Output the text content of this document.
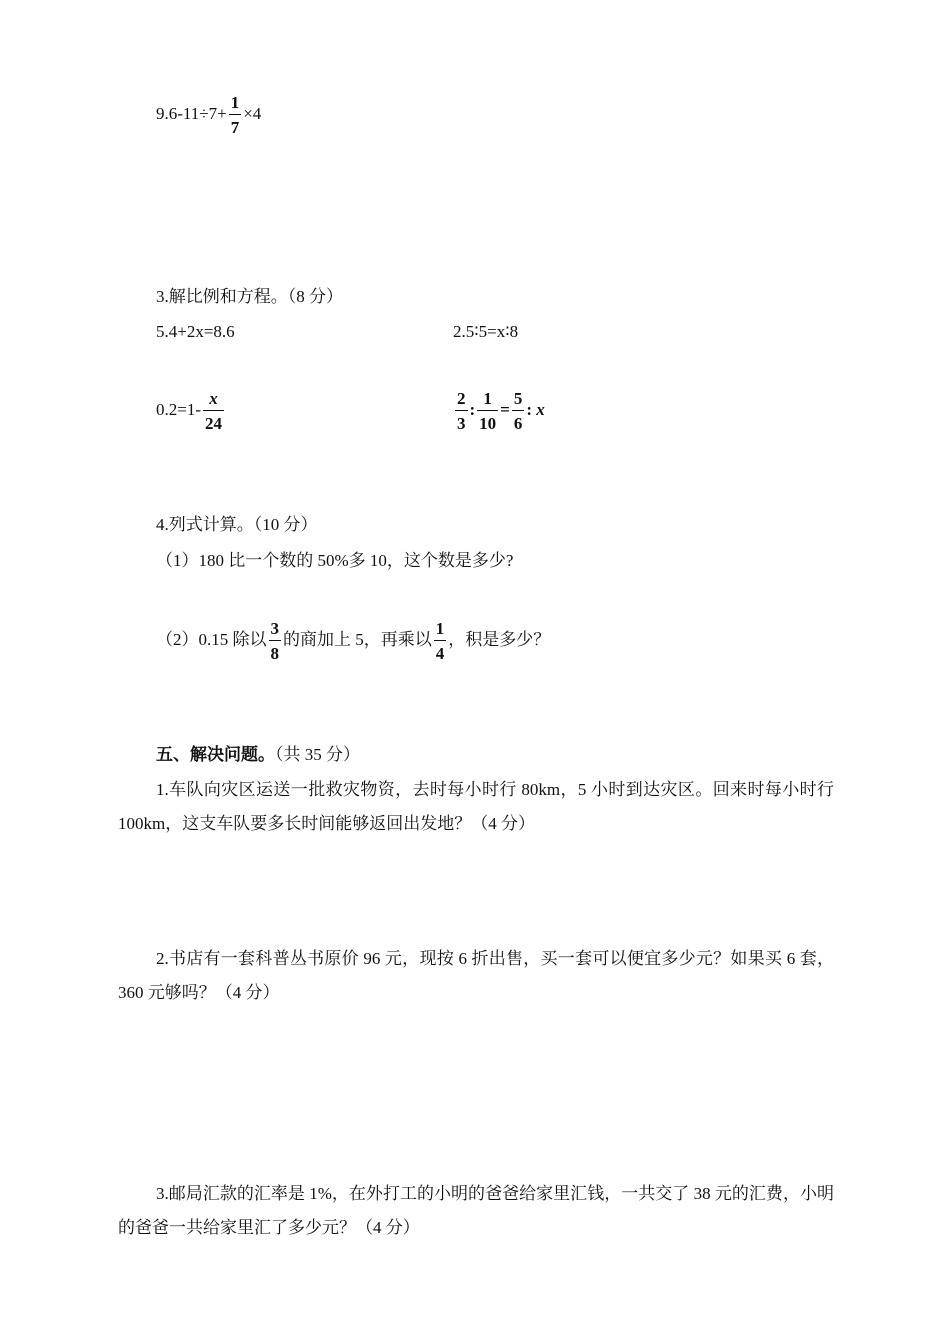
$9.6-11\div 7+ \frac{1}{7} \times 4$
3.解比例和方程。（8 分）
5.4+2x=8.6	2.5∶5=x∶8
$0.2=1- \frac{x}{24}$	$\frac{2}{3}$ : $\frac{1}{10} = \frac{5}{6}$ : x
4.列式计算。（10 分）
（1）180 比一个数的 50%多 10，这个数是多少?
（2）0.15 除以 $\frac{3}{8}$ 的商加上 5，再乘以 $\frac{1}{4}$ ，积是多少？
五、解决问题。（共 35 分）
1.车队向灾区运送一批救灾物资，去时每小时行 80km，5 小时到达灾区。回来时每小时行 100km，这支车队要多长时间能够返回出发地？（4 分）
2.书店有一套科普丛书原价 96 元，现按 6 折出售，买一套可以便宜多少元？如果买 6 套，360 元够吗？（4 分）
3.邮局汇款的汇率是 1%，在外打工的小明的爸爸给家里汇钱，一共交了 38 元的汇费，小明的爸爸一共给家里汇了多少元？（4 分）
